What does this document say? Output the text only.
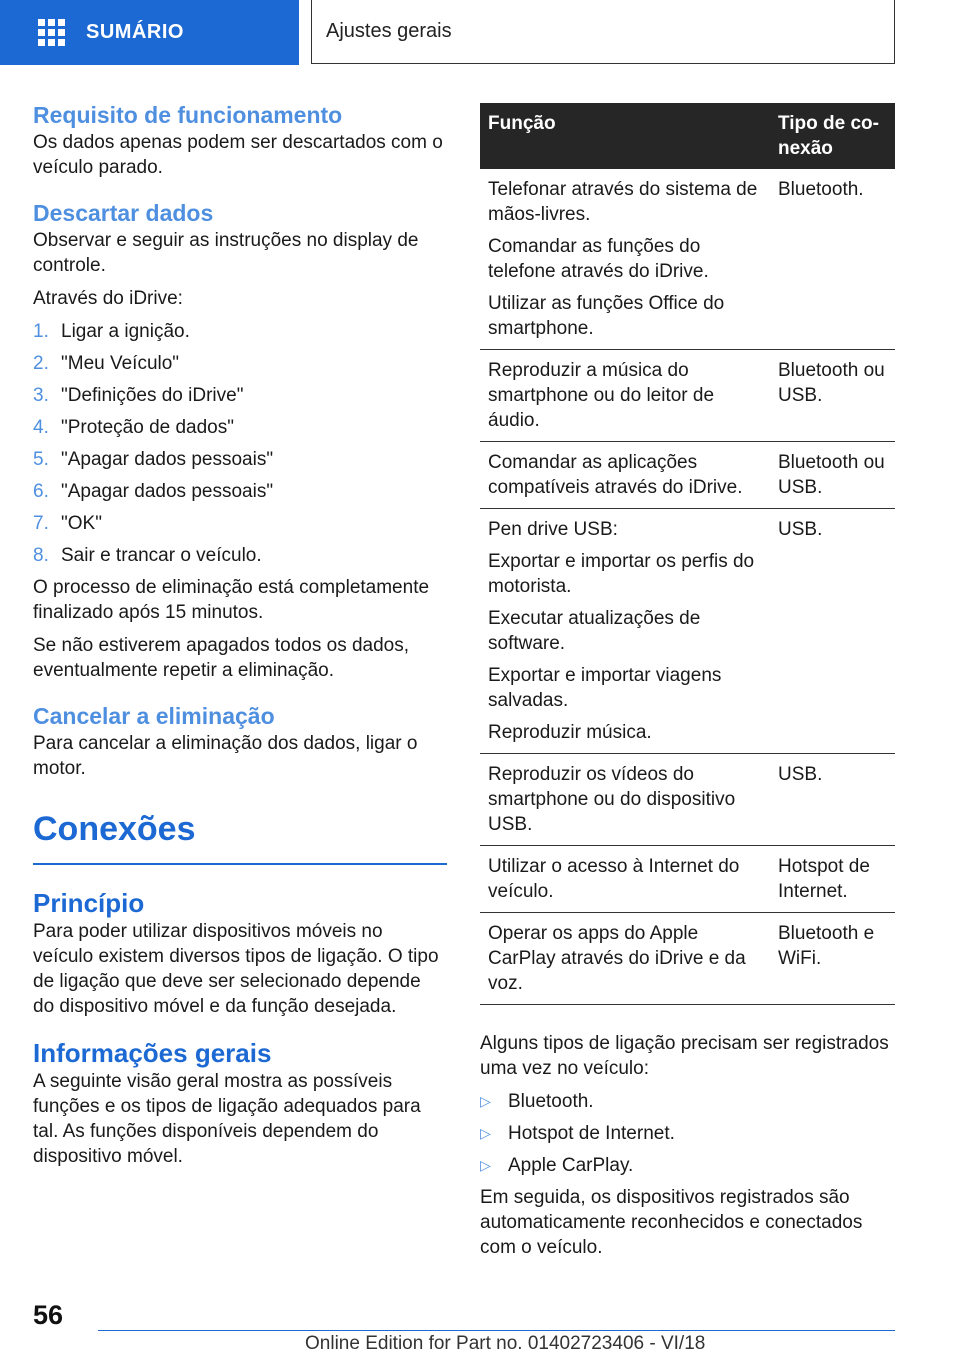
SUMÁRIO	Ajustes gerais
Requisito de funcionamento

Os dados apenas podem ser descartados com o veículo parado.

Descartar dados

Observar e seguir as instruções no display de controle.

Através do iDrive:

1. Ligar a ignição.
2. "Meu Veículo"
3. "Definições do iDrive"
4. "Proteção de dados"
5. "Apagar dados pessoais"
6. "Apagar dados pessoais"
7. "OK"
8. Sair e trancar o veículo.

O processo de eliminação está completamente finalizado após 15 minutos.

Se não estiverem apagados todos os dados, eventualmente repetir a eliminação.

Cancelar a eliminação

Para cancelar a eliminação dos dados, ligar o motor.

Conexões
Princípio

Para poder utilizar dispositivos móveis no veículo existem diversos tipos de ligação. O tipo de ligação que deve ser selecionado depende do dispositivo móvel e da função desejada.

Informações gerais

A seguinte visão geral mostra as possíveis funções e os tipos de ligação adequados para tal. As funções disponíveis dependem do dispositivo móvel.

Função	Tipo de co-nexão

Telefonar através do sistema de mãos-livres.
Comandar as funções do telefone através do iDrive.
Utilizar as funções Office do smartphone.	Bluetooth.

Reproduzir a música do smartphone ou do leitor de áudio.	Bluetooth ou USB.

Comandar as aplicações compatíveis através do iDrive.	Bluetooth ou USB.

Pen drive USB:
Exportar e importar os perfis do motorista.
Executar atualizações de software.
Exportar e importar viagens salvadas.
Reproduzir música.	USB.

Reproduzir os vídeos do smartphone ou do dispositivo USB.	USB.

Utilizar o acesso à Internet do veículo.	Hotspot de Internet.

Operar os apps do Apple CarPlay através do iDrive e da voz.	Bluetooth e WiFi.

Alguns tipos de ligação precisam ser registrados uma vez no veículo:

▷ Bluetooth.
▷ Hotspot de Internet.
▷ Apple CarPlay.

Em seguida, os dispositivos registrados são automaticamente reconhecidos e conectados com o veículo.

56
Online Edition for Part no. 01402723406 - VI/18
